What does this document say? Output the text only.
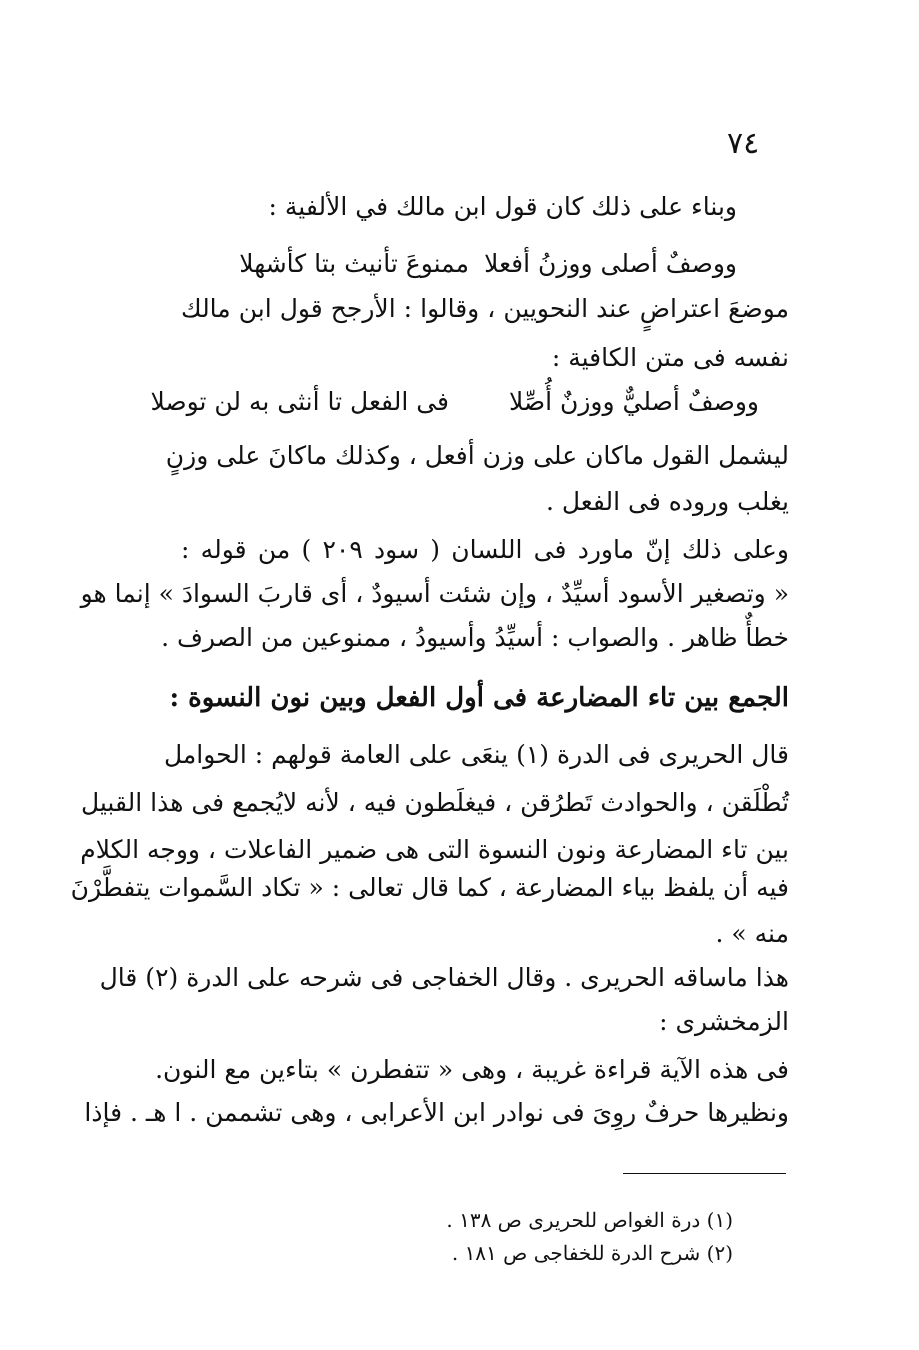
٧٤
وبناء على ذلك كان قول ابن مالك في الألفية :
ووصفٌ أصلى ووزنُ أفعلا
ممنوعَ تأنيث بتا كأشهلا
موضعَ اعتراضٍ عند النحويين ، وقالوا : الأرجح قول ابن مالك
نفسه فى متن الكافية :
ووصفٌ أصليٌّ ووزنٌ أُصِّلا
فى الفعل تا أنثى به لن توصلا
ليشمل القول ماكان على وزن أفعل ، وكذلك ماكانَ على وزنٍ
يغلب وروده فى الفعل .
وعلى ذلك إنّ ماورد فى اللسان ( سود ٢٠٩ ) من قوله :
« وتصغير الأسود أسيِّدٌ ، وإن شئت أسيودٌ ، أى قاربَ السوادَ » إنما هو
خطأٌ ظاهر . والصواب : أسيِّدُ وأسيودُ ، ممنوعين من الصرف .
الجمع بين تاء المضارعة فى أول الفعل وبين نون النسوة :
قال الحريرى فى الدرة (١) ينعَى على العامة قولهم : الحوامل
تُطْلَقن ، والحوادث تَطرُقن ، فيغلَطون فيه ، لأنه لايُجمع فى هذا القبيل
بين تاء المضارعة ونون النسوة التى هى ضمير الفاعلات ، ووجه الكلام
فيه أن يلفظ بياء المضارعة ، كما قال تعالى : « تكاد السَّموات يتفطَّرْنَ
منه » .
هذا ماساقه الحريرى . وقال الخفاجى فى شرحه على الدرة (٢) قال
الزمخشرى :
فى هذه الآية قراءة غريبة ، وهى « تتفطرن » بتاءين مع النون.
ونظيرها حرفٌ روِىَ فى نوادر ابن الأعرابى ، وهى تشممن . ا هـ . فإذا
(١) درة الغواص للحريرى ص ١٣٨ .
(٢) شرح الدرة للخفاجى ص ١٨١ .
